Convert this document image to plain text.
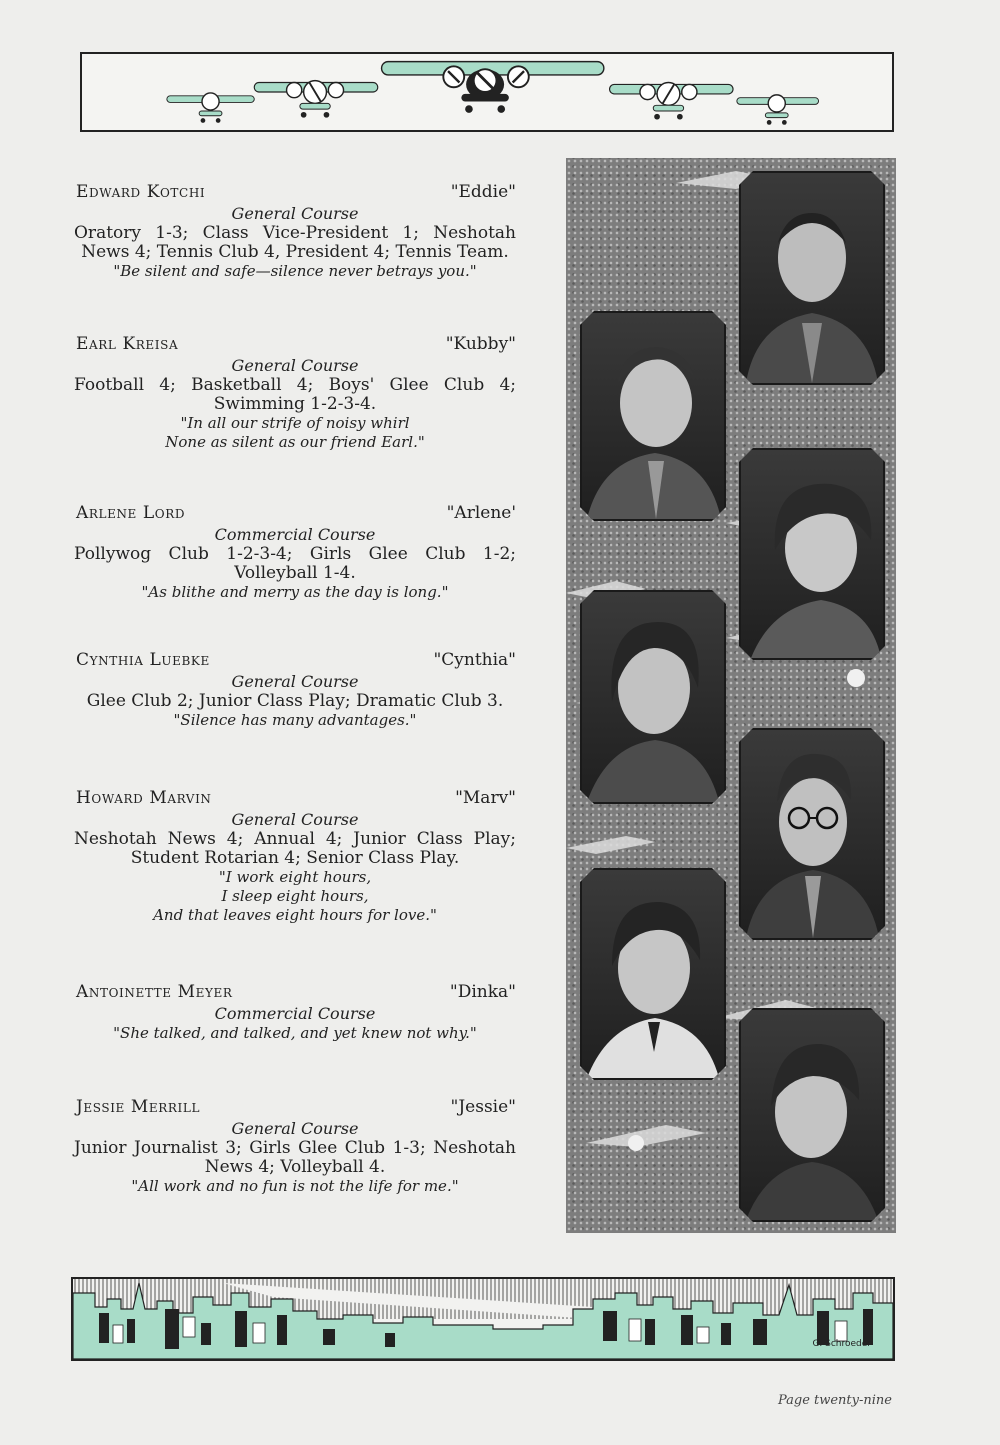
Edward Kotchi	"Eddie"
General Course
Oratory 1-3; Class Vice-President 1; Neshotah News 4; Tennis Club 4, President 4; Tennis Team.
"Be silent and safe—silence never betrays you."
Earl Kreisa	"Kubby"
General Course
Football 4; Basketball 4; Boys' Glee Club 4; Swimming 1-2-3-4.
"In all our strife of noisy whirl
None as silent as our friend Earl."
Arlene Lord	"Arlene'
Commercial Course
Pollywog Club 1-2-3-4; Girls Glee Club 1-2; Volleyball 1-4.
"As blithe and merry as the day is long."
Cynthia Luebke	"Cynthia"
General Course
Glee Club 2; Junior Class Play; Dramatic Club 3.
"Silence has many advantages."
Howard Marvin	"Marv"
General Course
Neshotah News 4; Annual 4; Junior Class Play; Student Rotarian 4; Senior Class Play.
"I work eight hours,
I sleep eight hours,
And that leaves eight hours for love."
Antoinette Meyer	"Dinka"
Commercial Course
"She talked, and talked, and yet knew not why."
Jessie Merrill	"Jessie"
General Course
Junior Journalist 3; Girls Glee Club 1-3; Neshotah News 4; Volleyball 4.
"All work and no fun is not the life for me."
G. Schroeder
Page twenty-nine
